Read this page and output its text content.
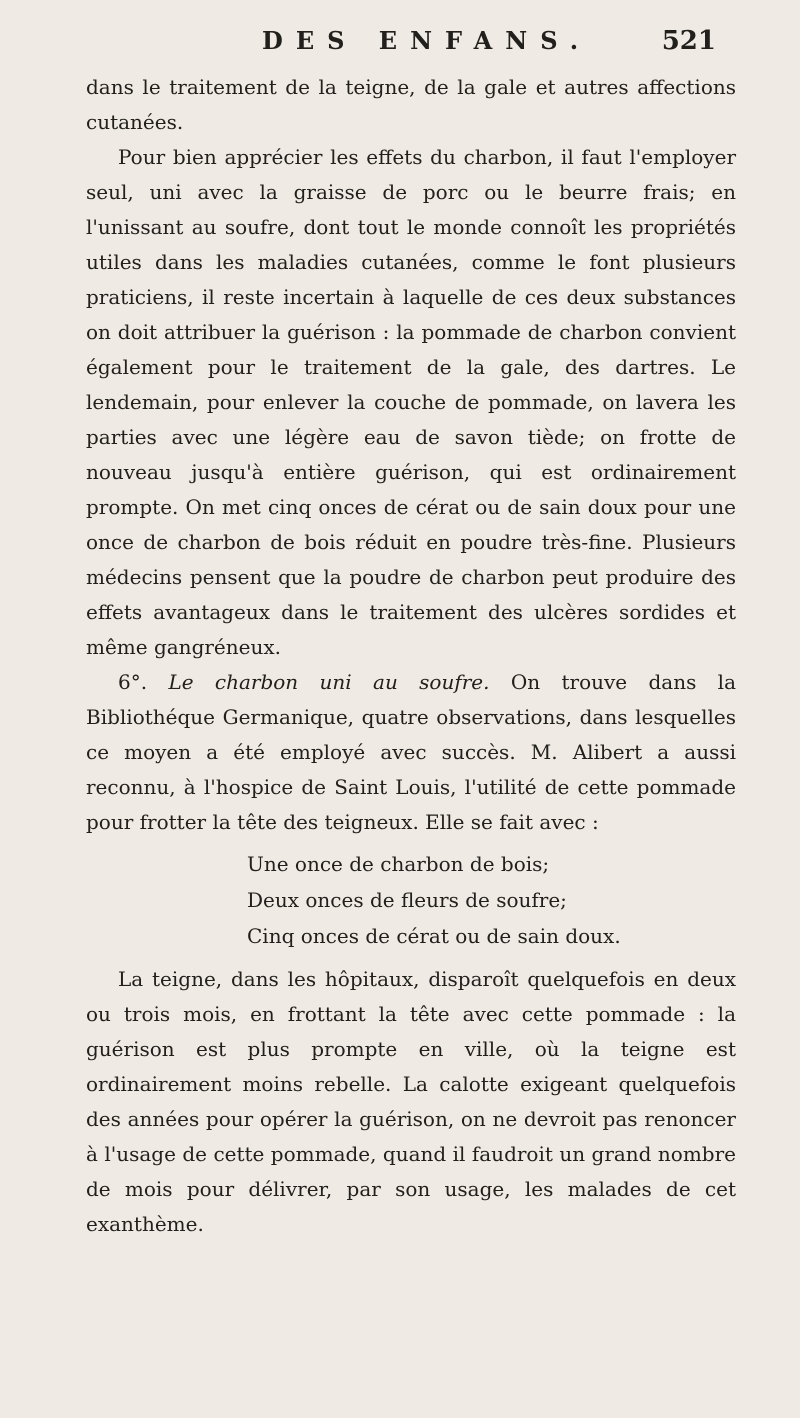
DES ENFANS.	521

dans le traitement de la teigne, de la gale et autres affections cutanées.

Pour bien apprécier les effets du charbon, il faut l'employer seul, uni avec la graisse de porc ou le beurre frais; en l'unissant au soufre, dont tout le monde connoît les propriétés utiles dans les maladies cutanées, comme le font plusieurs praticiens, il reste incertain à laquelle de ces deux substances on doit attribuer la guérison : la pommade de charbon convient également pour le traitement de la gale, des dartres. Le lendemain, pour enlever la couche de pommade, on lavera les parties avec une légère eau de savon tiède; on frotte de nouveau jusqu'à entière guérison, qui est ordinairement prompte. On met cinq onces de cérat ou de sain doux pour une once de charbon de bois réduit en poudre très-fine. Plusieurs médecins pensent que la poudre de charbon peut produire des effets avantageux dans le traitement des ulcères sordides et même gangréneux.

6°. Le charbon uni au soufre. On trouve dans la Bibliothéque Germanique, quatre observations, dans lesquelles ce moyen a été employé avec succès. M. Alibert a aussi reconnu, à l'hospice de Saint Louis, l'utilité de cette pommade pour frotter la tête des teigneux. Elle se fait avec :

Une once de charbon de bois;
Deux onces de fleurs de soufre;
Cinq onces de cérat ou de sain doux.

La teigne, dans les hôpitaux, disparoît quelquefois en deux ou trois mois, en frottant la tête avec cette pommade : la guérison est plus prompte en ville, où la teigne est ordinairement moins rebelle. La calotte exigeant quelquefois des années pour opérer la guérison, on ne devroit pas renoncer à l'usage de cette pommade, quand il faudroit un grand nombre de mois pour délivrer, par son usage, les malades de cet exanthème.
